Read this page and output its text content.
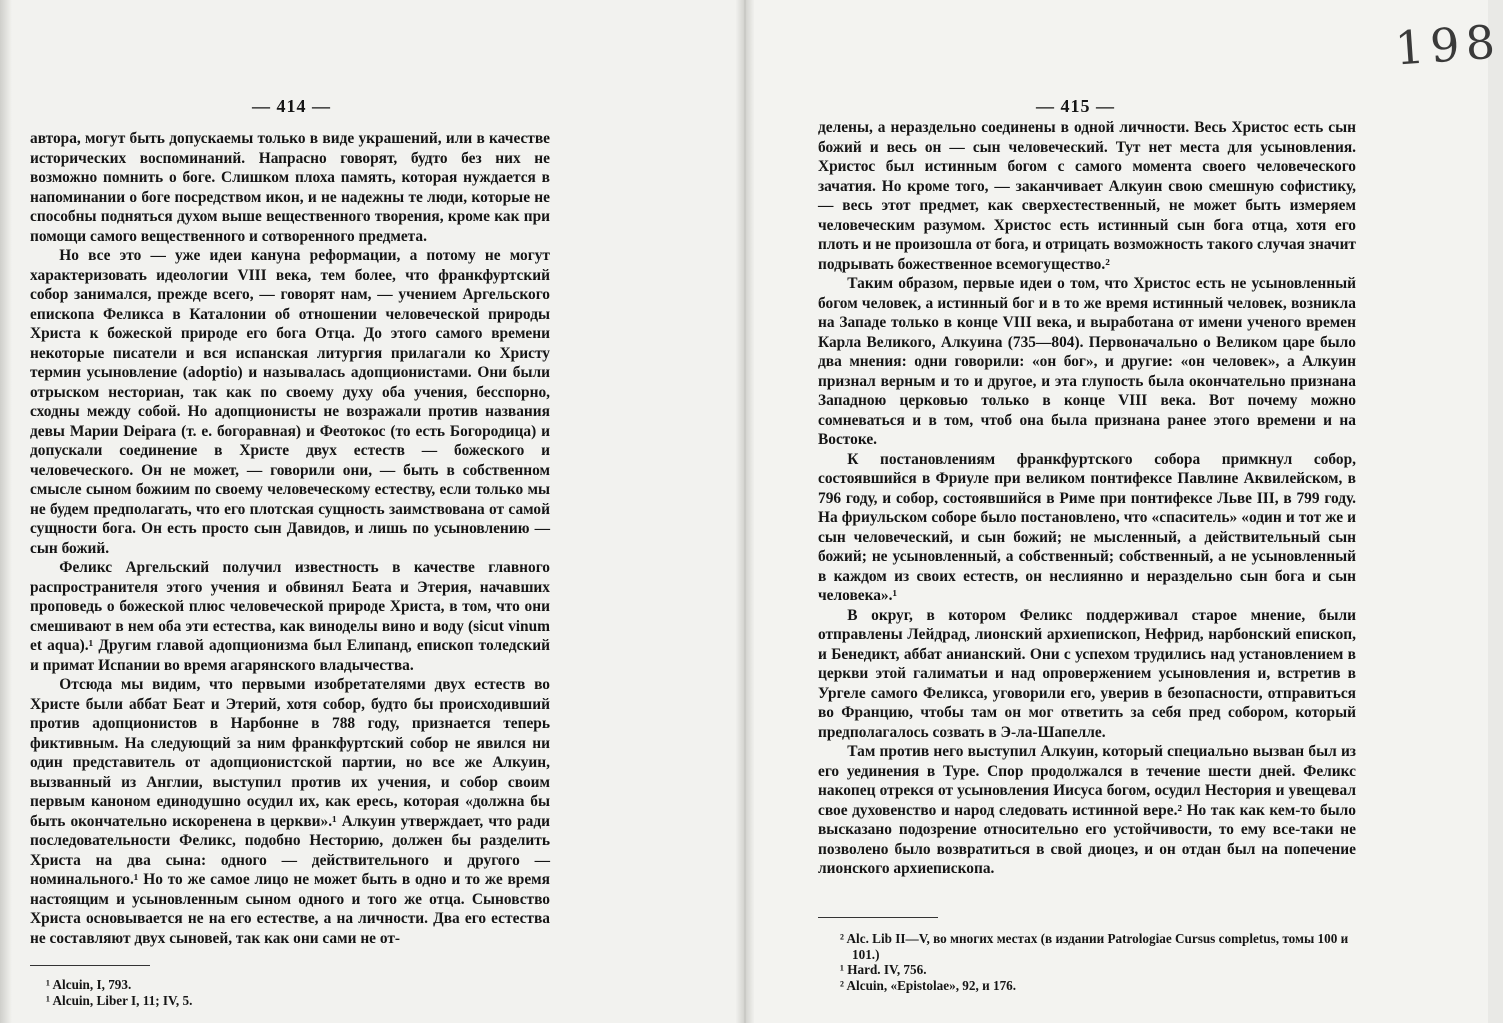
— 414 —

автора, могут быть допускаемы только в виде украшений, или в качестве исторических воспоминаний. Напрасно говорят, будто без них не возможно помнить о боге. Слишком плоха память, которая нуждается в напоминании о боге посредством икон, и не надежны те люди, которые не способны подняться духом выше вещественного творения, кроме как при помощи самого вещественного и сотворенного предмета.

Но все это — уже идеи кануна реформации, а потому не могут характеризовать идеологии VIII века, тем более, что франкфуртский собор занимался, прежде всего, — говорят нам, — учением Аргельского епископа Феликса в Каталонии об отношении человеческой природы Христа к божеской природе его бога Отца. До этого самого времени некоторые писатели и вся испанская литургия прилагали ко Христу термин усыновление (adoptio) и называлась адопционистами. Они были отрыском несториан, так как по своему духу оба учения, бесспорно, сходны между собой. Но адопционисты не возражали против названия девы Марии Deipara (т. е. богоравная) и Феотокос (то есть Богородица) и допускали соединение в Христе двух естеств — божеского и человеческого. Он не может, — говорили они, — быть в собственном смысле сыном божиим по своему человеческому естеству, если только мы не будем предполагать, что его плотская сущность заимствована от самой сущности бога. Он есть просто сын Давидов, и лишь по усыновлению — сын божий.

Феликс Аргельский получил известность в качестве главного распространителя этого учения и обвинял Беата и Этерия, начавших проповедь о божеской плюс человеческой природе Христа, в том, что они смешивают в нем оба эти естества, как виноделы вино и воду (sicut vinum et aqua).¹ Другим главой адопционизма был Елипанд, епископ толедский и примат Испании во время агарянского владычества.

Отсюда мы видим, что первыми изобретателями двух естеств во Христе были аббат Беат и Этерий, хотя собор, будто бы происходивший против адопционистов в Нарбонне в 788 году, признается теперь фиктивным. На следующий за ним франкфуртский собор не явился ни один представитель от адопционистской партии, но все же Алкуин, вызванный из Англии, выступил против их учения, и собор своим первым каноном единодушно осудил их, как ересь, которая «должна бы быть окончательно искоренена в церкви».¹ Алкуин утверждает, что ради последовательности Феликс, подобно Несторию, должен бы разделить Христа на два сына: одного — действительного и другого — номинального.¹ Но то же самое лицо не может быть в одно и то же время настоящим и усыновленным сыном одного и того же отца. Сыновство Христа основывается не на его естестве, а на личности. Два его естества не составляют двух сыновей, так как они сами не от-

¹ Alcuin, I, 793.
¹ Alcuin, Liber I, 11; IV, 5.
— 415 —

делены, а нераздельно соединены в одной личности. Весь Христос есть сын божий и весь он — сын человеческий. Тут нет места для усыновления. Христос был истинным богом с самого момента своего человеческого зачатия. Но кроме того, — заканчивает Алкуин свою смешную софистику, — весь этот предмет, как сверхестественный, не может быть измеряем человеческим разумом. Христос есть истинный сын бога отца, хотя его плоть и не произошла от бога, и отрицать возможность такого случая значит подрывать божественное всемогущество.²

Таким образом, первые идеи о том, что Христос есть не усыновленный богом человек, а истинный бог и в то же время истинный человек, возникла на Западе только в конце VIII века, и выработана от имени ученого времен Карла Великого, Алкуина (735—804). Первоначально о Великом царе было два мнения: одни говорили: «он бог», и другие: «он человек», а Алкуин признал верным и то и другое, и эта глупость была окончательно признана Западною церковью только в конце VIII века. Вот почему можно сомневаться и в том, чтоб она была признана ранее этого времени и на Востоке.

К постановлениям франкфуртского собора примкнул собор, состоявшийся в Фриуле при великом понтифексе Павлине Аквилейском, в 796 году, и собор, состоявшийся в Риме при понтифексе Льве III, в 799 году. На фриульском соборе было постановлено, что «спаситель» «один и тот же и сын человеческий, и сын божий; не мысленный, а действительный сын божий; не усыновленный, а собственный; собственный, а не усыновленный в каждом из своих естеств, он неслиянно и нераздельно сын бога и сын человека».¹

В округ, в котором Феликс поддерживал старое мнение, были отправлены Лейдрад, лионский архиепископ, Нефрид, нарбонский епископ, и Бенедикт, аббат анианский. Они с успехом трудились над установлением в церкви этой галиматьи и над опровержением усыновления и, встретив в Ургеле самого Феликса, уговорили его, уверив в безопасности, отправиться во Францию, чтобы там он мог ответить за себя пред собором, который предполагалось созвать в Э-ла-Шапелле.

Там против него выступил Алкуин, который специально вызван был из его уединения в Туре. Спор продолжался в течение шести дней. Феликс накопец отрекся от усыновления Иисуса богом, осудил Нестория и увещевал свое духовенство и народ следовать истинной вере.² Но так как кем-то было высказано подозрение относительно его устойчивости, то ему все-таки не позволено было возвратиться в свой диоцез, и он отдан был на попечение лионского архиепископа.

² Alc. Lib II—V, во многих местах (в издании Patrologiae Cursus completus, томы 100 и 101.)
¹ Hard. IV, 756.
² Alcuin, «Epistolae», 92, и 176.
198
